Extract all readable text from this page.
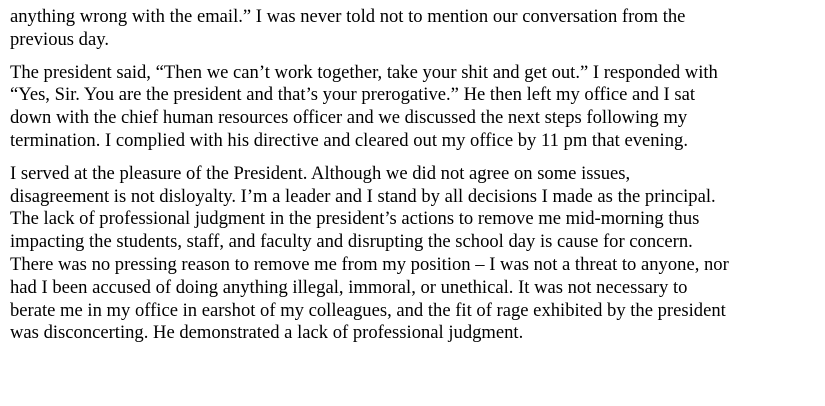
anything wrong with the email.” I was never told not to mention our conversation from the
previous day.
The president said, “Then we can’t work together, take your shit and get out.” I responded with
“Yes, Sir. You are the president and that’s your prerogative.” He then left my office and I sat
down with the chief human resources officer and we discussed the next steps following my
termination. I complied with his directive and cleared out my office by 11 pm that evening.
I served at the pleasure of the President. Although we did not agree on some issues,
disagreement is not disloyalty. I’m a leader and I stand by all decisions I made as the principal.
The lack of professional judgment in the president’s actions to remove me mid-morning thus
impacting the students, staff, and faculty and disrupting the school day is cause for concern.
There was no pressing reason to remove me from my position – I was not a threat to anyone, nor
had I been accused of doing anything illegal, immoral, or unethical. It was not necessary to
berate me in my office in earshot of my colleagues, and the fit of rage exhibited by the president
was disconcerting. He demonstrated a lack of professional judgment.
